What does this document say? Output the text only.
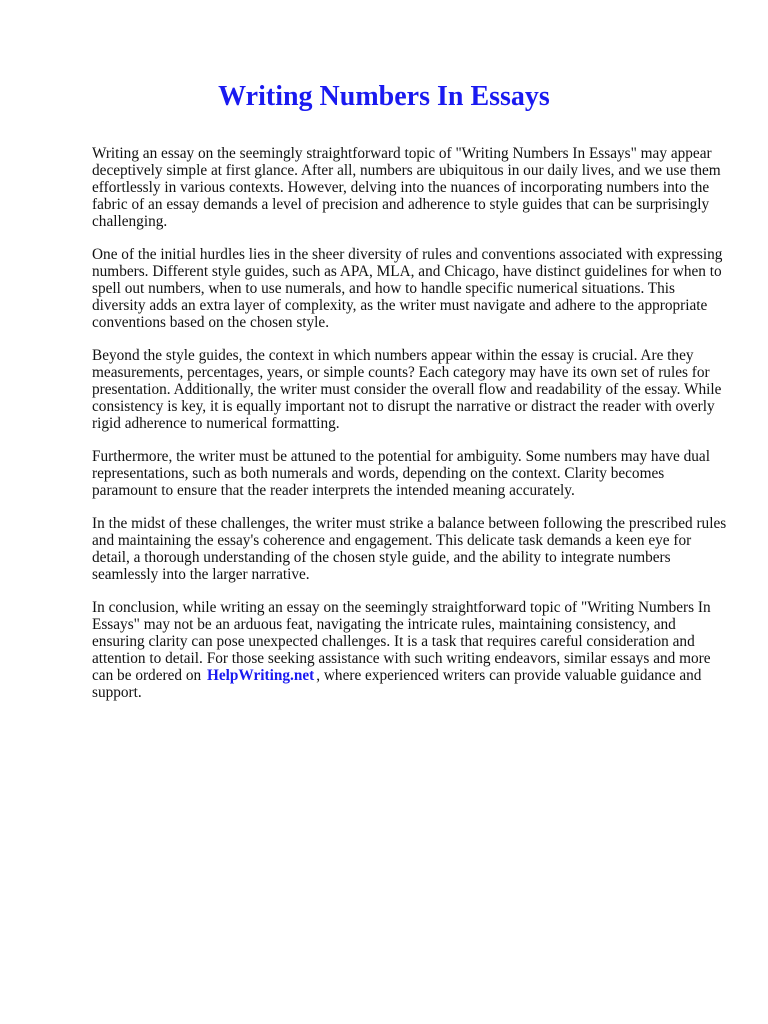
Writing Numbers In Essays

Writing an essay on the seemingly straightforward topic of "Writing Numbers In Essays" may appear deceptively simple at first glance. After all, numbers are ubiquitous in our daily lives, and we use them effortlessly in various contexts. However, delving into the nuances of incorporating numbers into the fabric of an essay demands a level of precision and adherence to style guides that can be surprisingly challenging.

One of the initial hurdles lies in the sheer diversity of rules and conventions associated with expressing numbers. Different style guides, such as APA, MLA, and Chicago, have distinct guidelines for when to spell out numbers, when to use numerals, and how to handle specific numerical situations. This diversity adds an extra layer of complexity, as the writer must navigate and adhere to the appropriate conventions based on the chosen style.

Beyond the style guides, the context in which numbers appear within the essay is crucial. Are they measurements, percentages, years, or simple counts? Each category may have its own set of rules for presentation. Additionally, the writer must consider the overall flow and readability of the essay. While consistency is key, it is equally important not to disrupt the narrative or distract the reader with overly rigid adherence to numerical formatting.

Furthermore, the writer must be attuned to the potential for ambiguity. Some numbers may have dual representations, such as both numerals and words, depending on the context. Clarity becomes paramount to ensure that the reader interprets the intended meaning accurately.

In the midst of these challenges, the writer must strike a balance between following the prescribed rules and maintaining the essay's coherence and engagement. This delicate task demands a keen eye for detail, a thorough understanding of the chosen style guide, and the ability to integrate numbers seamlessly into the larger narrative.

In conclusion, while writing an essay on the seemingly straightforward topic of "Writing Numbers In Essays" may not be an arduous feat, navigating the intricate rules, maintaining consistency, and ensuring clarity can pose unexpected challenges. It is a task that requires careful consideration and attention to detail. For those seeking assistance with such writing endeavors, similar essays and more can be ordered on HelpWriting.net , where experienced writers can provide valuable guidance and support.
